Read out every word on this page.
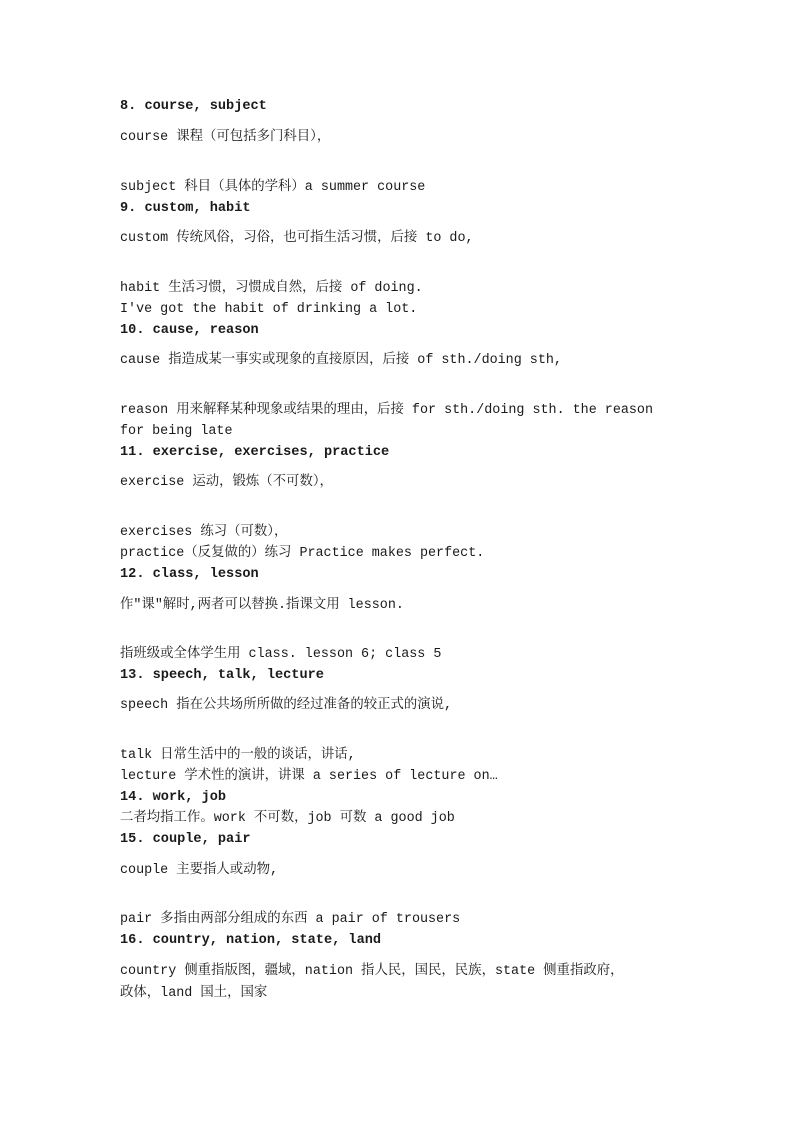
8. course, subject
course 课程（可包括多门科目），
subject 科目（具体的学科）a summer course
9. custom, habit
custom 传统风俗，习俗，也可指生活习惯，后接 to do,
habit 生活习惯，习惯成自然，后接 of doing.
I've got the habit of drinking a lot.
10. cause, reason
cause 指造成某一事实或现象的直接原因，后接 of sth./doing sth,
reason 用来解释某种现象或结果的理由，后接 for sth./doing sth. the reason
for being late
11. exercise, exercises, practice
exercise 运动，锻炼（不可数），
exercises 练习（可数），
practice（反复做的）练习 Practice makes perfect.
12. class, lesson
作"课"解时,两者可以替换.指课文用 lesson.
指班级或全体学生用 class. lesson 6; class 5
13. speech, talk, lecture
speech 指在公共场所所做的经过准备的较正式的演说,
talk 日常生活中的一般的谈话，讲话,
lecture 学术性的演讲，讲课 a series of lecture on…
14. work, job
二者均指工作。work 不可数，job 可数 a good job
15. couple, pair
couple 主要指人或动物,
pair 多指由两部分组成的东西 a pair of trousers
16. country, nation, state, land
country 侧重指版图，疆域，nation 指人民，国民，民族，state 侧重指政府，
政体，land 国土，国家
